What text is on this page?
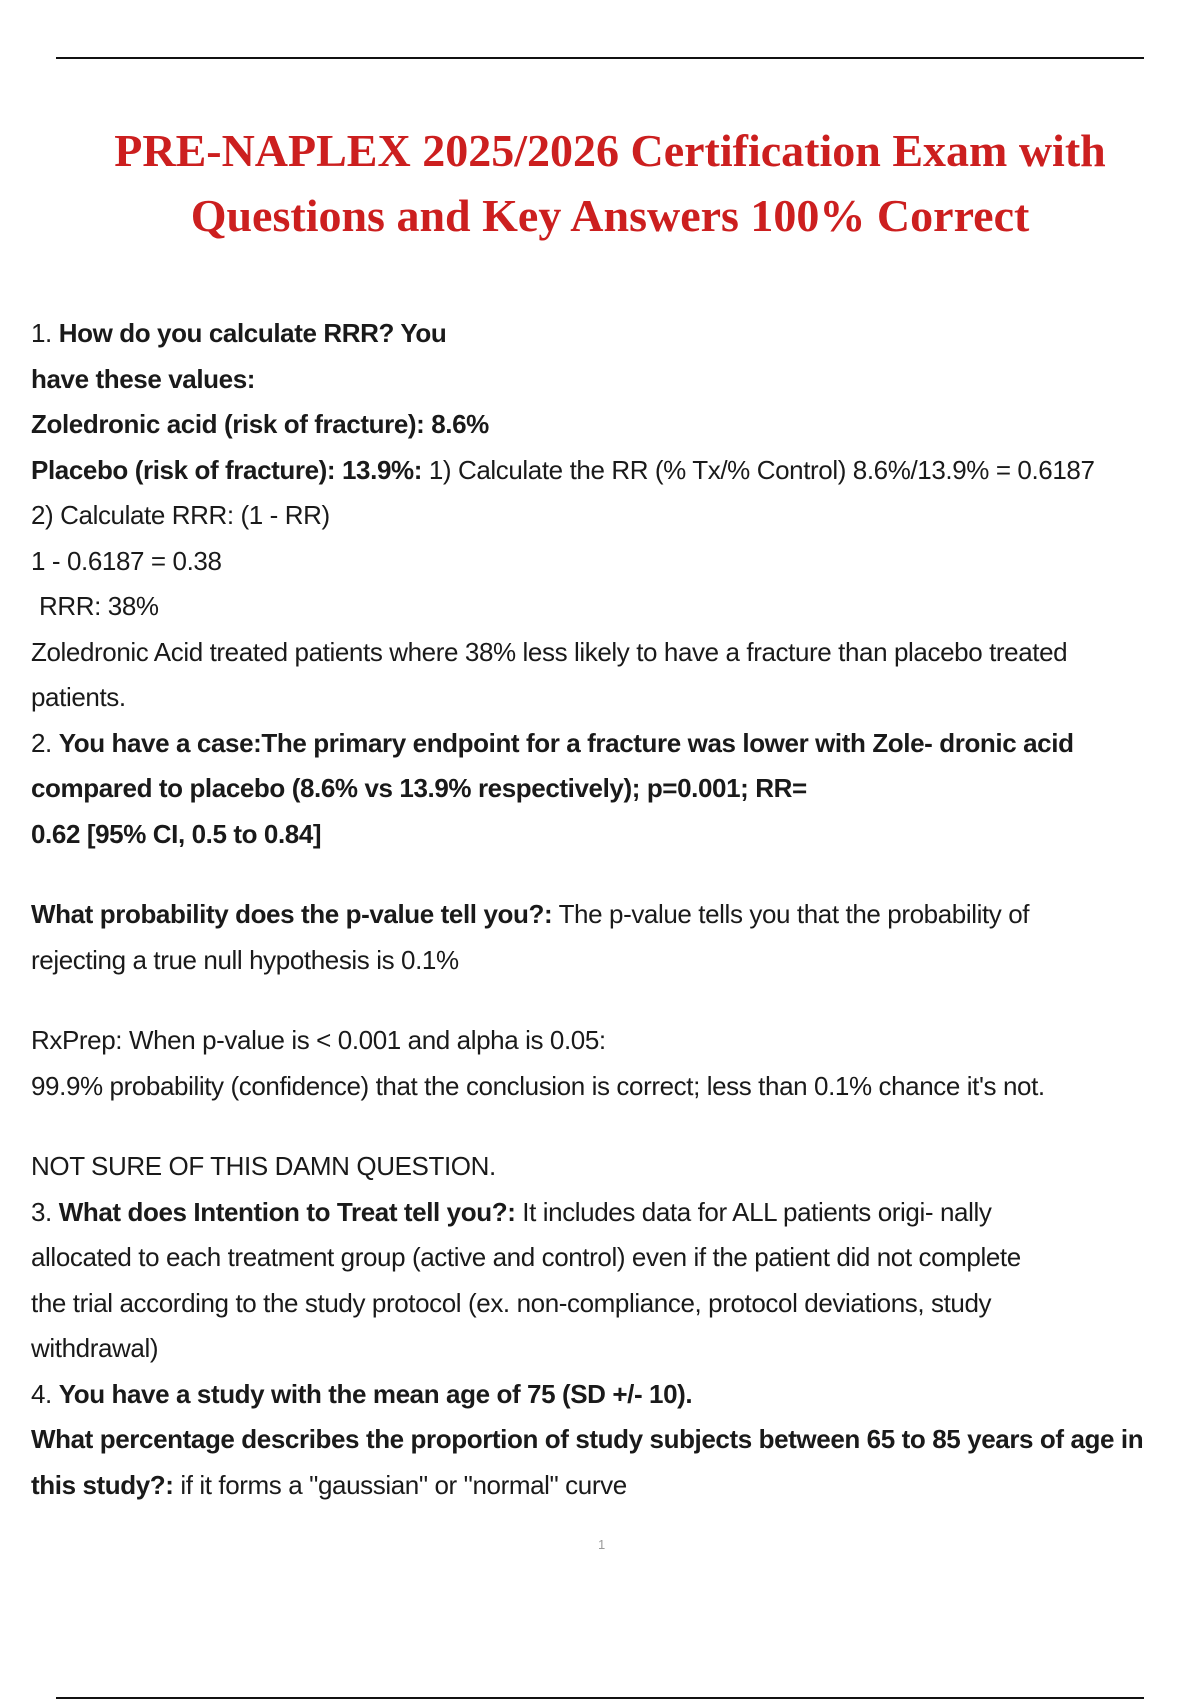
PRE-NAPLEX 2025/2026 Certification Exam with
Questions and Key Answers 100% Correct
1. How do you calculate RRR? You
have these values:
Zoledronic acid (risk of fracture): 8.6%
Placebo (risk of fracture): 13.9%: 1) Calculate the RR (% Tx/% Control) 8.6%/13.9% = 0.6187
2) Calculate RRR: (1 - RR)
1 - 0.6187 = 0.38
RRR: 38%
Zoledronic Acid treated patients where 38% less likely to have a fracture than placebo treated
patients.
2. You have a case:The primary endpoint for a fracture was lower with Zole- dronic acid
compared to placebo (8.6% vs 13.9% respectively); p=0.001; RR=
0.62 [95% CI, 0.5 to 0.84]
What probability does the p-value tell you?: The p-value tells you that the probability of
rejecting a true null hypothesis is 0.1%
RxPrep: When p-value is < 0.001 and alpha is 0.05:
99.9% probability (confidence) that the conclusion is correct; less than 0.1% chance it's not.
NOT SURE OF THIS DAMN QUESTION.
3. What does Intention to Treat tell you?: It includes data for ALL patients origi- nally
allocated to each treatment group (active and control) even if the patient did not complete
the trial according to the study protocol (ex. non-compliance, protocol deviations, study
withdrawal)
4. You have a study with the mean age of 75 (SD +/- 10).
What percentage describes the proportion of study subjects between 65 to 85 years of age in
this study?: if it forms a "gaussian" or "normal" curve
1
